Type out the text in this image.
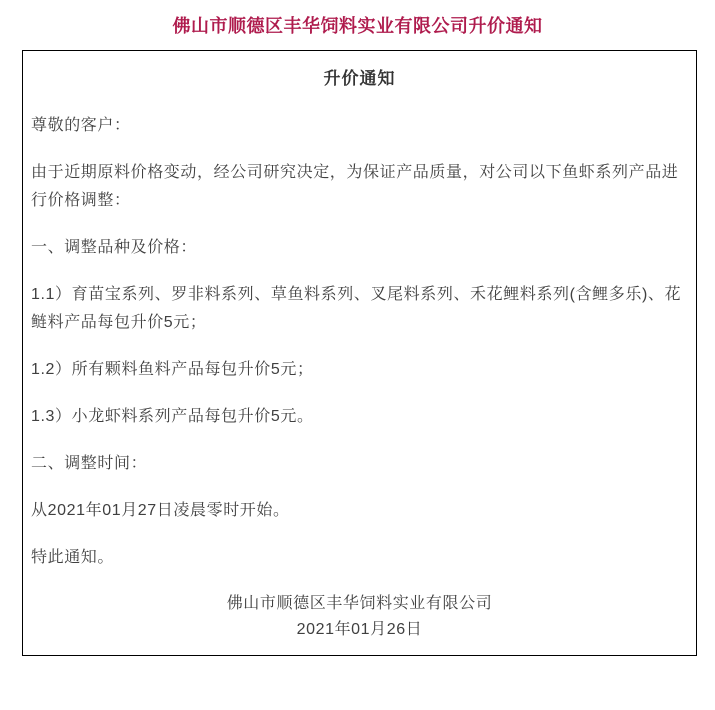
佛山市顺德区丰华饲料实业有限公司升价通知
升价通知

尊敬的客户：

由于近期原料价格变动，经公司研究决定，为保证产品质量，对公司以下鱼虾系列产品进行价格调整：

一、调整品种及价格：

1.1）育苗宝系列、罗非料系列、草鱼料系列、叉尾料系列、禾花鲤料系列(含鲤多乐)、花鲢料产品每包升价5元；

1.2）所有颗料鱼料产品每包升价5元；

1.3）小龙虾料系列产品每包升价5元。

二、调整时间：

从2021年01月27日凌晨零时开始。

特此通知。

佛山市顺德区丰华饲料实业有限公司

2021年01月26日
